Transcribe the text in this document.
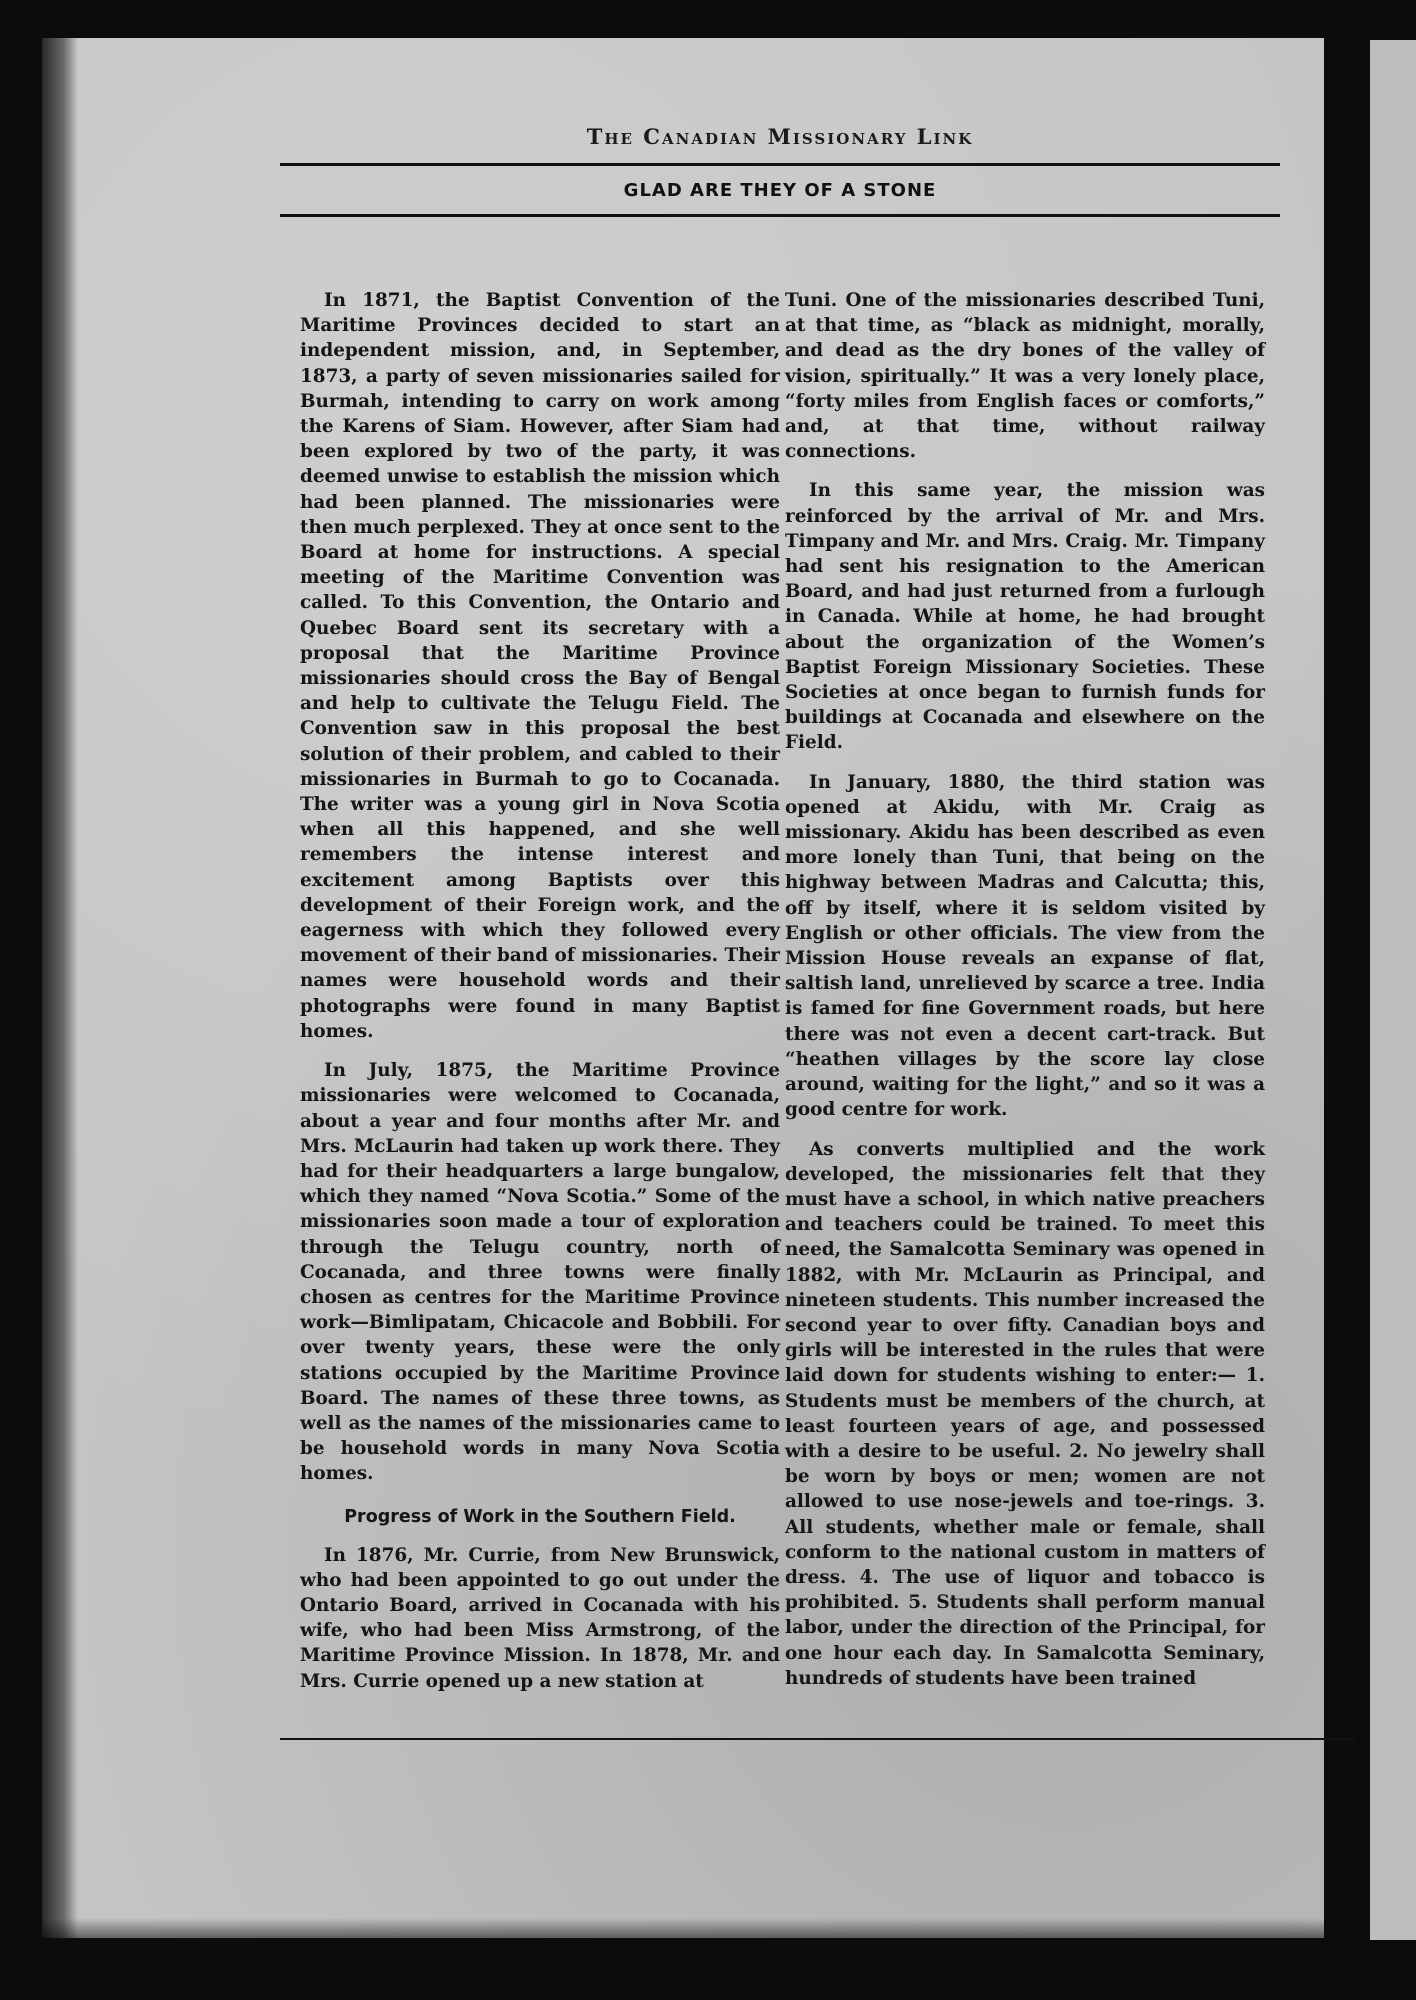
The Canadian Missionary Link
GLAD ARE THEY OF A STONE

In 1871, the Baptist Convention of the Maritime Provinces decided to start an independent mission, and, in September, 1873, a party of seven missionaries sailed for Burmah, intending to carry on work among the Karens of Siam. However, after Siam had been explored by two of the party, it was deemed unwise to establish the mission which had been planned. The missionaries were then much perplexed. They at once sent to the Board at home for instructions. A special meeting of the Maritime Convention was called. To this Convention, the Ontario and Quebec Board sent its secretary with a proposal that the Maritime Province missionaries should cross the Bay of Bengal and help to cultivate the Telugu Field. The Convention saw in this proposal the best solution of their problem, and cabled to their missionaries in Burmah to go to Cocanada. The writer was a young girl in Nova Scotia when all this happened, and she well remembers the intense interest and excitement among Baptists over this development of their Foreign work, and the eagerness with which they followed every movement of their band of missionaries. Their names were household words and their photographs were found in many Baptist homes.

In July, 1875, the Maritime Province missionaries were welcomed to Cocanada, about a year and four months after Mr. and Mrs. McLaurin had taken up work there. They had for their headquarters a large bungalow, which they named “Nova Scotia.” Some of the missionaries soon made a tour of exploration through the Telugu country, north of Cocanada, and three towns were finally chosen as centres for the Maritime Province work—Bimlipatam, Chicacole and Bobbili. For over twenty years, these were the only stations occupied by the Maritime Province Board. The names of these three towns, as well as the names of the missionaries came to be household words in many Nova Scotia homes.

Progress of Work in the Southern Field.

In 1876, Mr. Currie, from New Brunswick, who had been appointed to go out under the Ontario Board, arrived in Cocanada with his wife, who had been Miss Armstrong, of the Maritime Province Mission. In 1878, Mr. and Mrs. Currie opened up a new station at

Tuni. One of the missionaries described Tuni, at that time, as “black as midnight, morally, and dead as the dry bones of the valley of vision, spiritually.” It was a very lonely place, “forty miles from English faces or comforts,” and, at that time, without railway connections.

In this same year, the mission was reinforced by the arrival of Mr. and Mrs. Timpany and Mr. and Mrs. Craig. Mr. Timpany had sent his resignation to the American Board, and had just returned from a furlough in Canada. While at home, he had brought about the organization of the Women’s Baptist Foreign Missionary Societies. These Societies at once began to furnish funds for buildings at Cocanada and elsewhere on the Field.

In January, 1880, the third station was opened at Akidu, with Mr. Craig as missionary. Akidu has been described as even more lonely than Tuni, that being on the highway between Madras and Calcutta; this, off by itself, where it is seldom visited by English or other officials. The view from the Mission House reveals an expanse of flat, saltish land, unrelieved by scarce a tree. India is famed for fine Government roads, but here there was not even a decent cart-track. But “heathen villages by the score lay close around, waiting for the light,” and so it was a good centre for work.

As converts multiplied and the work developed, the missionaries felt that they must have a school, in which native preachers and teachers could be trained. To meet this need, the Samalcotta Seminary was opened in 1882, with Mr. McLaurin as Principal, and nineteen students. This number increased the second year to over fifty. Canadian boys and girls will be interested in the rules that were laid down for students wishing to enter:— 1. Students must be members of the church, at least fourteen years of age, and possessed with a desire to be useful. 2. No jewelry shall be worn by boys or men; women are not allowed to use nose-jewels and toe-rings. 3. All students, whether male or female, shall conform to the national custom in matters of dress. 4. The use of liquor and tobacco is prohibited. 5. Students shall perform manual labor, under the direction of the Principal, for one hour each day. In Samalcotta Seminary, hundreds of students have been trained
